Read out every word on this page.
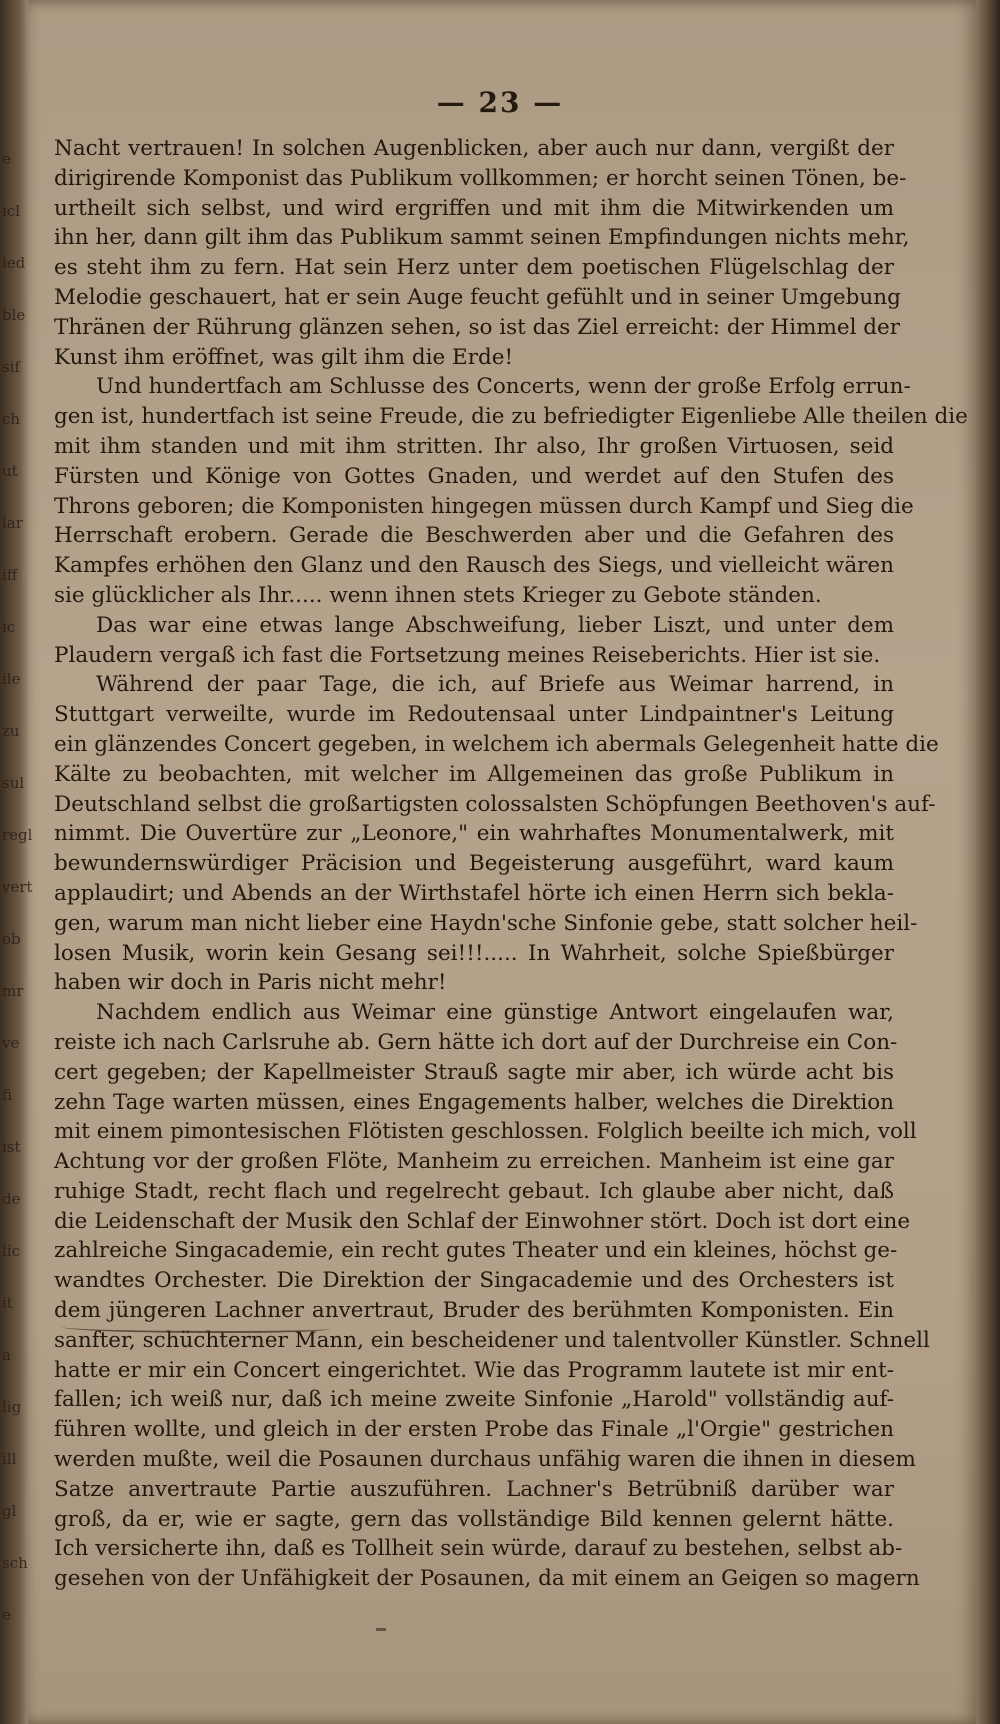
e
icl
ied
ble
sif
ch
ut
lar
iff
ic
ile
zu
sul
regl
vert
ob
mr
ve
fi
ist
de
lic
it
a
lig
ill
gl
sch
e
— 23 —
Nacht vertrauen! In solchen Augenblicken, aber auch nur dann, vergißt der
dirigirende Komponist das Publikum vollkommen; er horcht seinen Tönen, be-
urtheilt sich selbst, und wird ergriffen und mit ihm die Mitwirkenden um
ihn her, dann gilt ihm das Publikum sammt seinen Empfindungen nichts mehr,
es steht ihm zu fern. Hat sein Herz unter dem poetischen Flügelschlag der
Melodie geschauert, hat er sein Auge feucht gefühlt und in seiner Umgebung
Thränen der Rührung glänzen sehen, so ist das Ziel erreicht: der Himmel der
Kunst ihm eröffnet, was gilt ihm die Erde!
Und hundertfach am Schlusse des Concerts, wenn der große Erfolg errun-
gen ist, hundertfach ist seine Freude, die zu befriedigter Eigenliebe Alle theilen die
mit ihm standen und mit ihm stritten. Ihr also, Ihr großen Virtuosen, seid
Fürsten und Könige von Gottes Gnaden, und werdet auf den Stufen des
Throns geboren; die Komponisten hingegen müssen durch Kampf und Sieg die
Herrschaft erobern. Gerade die Beschwerden aber und die Gefahren des
Kampfes erhöhen den Glanz und den Rausch des Siegs, und vielleicht wären
sie glücklicher als Ihr..... wenn ihnen stets Krieger zu Gebote ständen.
Das war eine etwas lange Abschweifung, lieber Liszt, und unter dem
Plaudern vergaß ich fast die Fortsetzung meines Reiseberichts. Hier ist sie.
Während der paar Tage, die ich, auf Briefe aus Weimar harrend, in
Stuttgart verweilte, wurde im Redoutensaal unter Lindpaintner's Leitung
ein glänzendes Concert gegeben, in welchem ich abermals Gelegenheit hatte die
Kälte zu beobachten, mit welcher im Allgemeinen das große Publikum in
Deutschland selbst die großartigsten colossalsten Schöpfungen Beethoven's auf-
nimmt. Die Ouvertüre zur „Leonore," ein wahrhaftes Monumentalwerk, mit
bewundernswürdiger Präcision und Begeisterung ausgeführt, ward kaum
applaudirt; und Abends an der Wirthstafel hörte ich einen Herrn sich bekla-
gen, warum man nicht lieber eine Haydn'sche Sinfonie gebe, statt solcher heil-
losen Musik, worin kein Gesang sei!!!..... In Wahrheit, solche Spießbürger
haben wir doch in Paris nicht mehr!
Nachdem endlich aus Weimar eine günstige Antwort eingelaufen war,
reiste ich nach Carlsruhe ab. Gern hätte ich dort auf der Durchreise ein Con-
cert gegeben; der Kapellmeister Strauß sagte mir aber, ich würde acht bis
zehn Tage warten müssen, eines Engagements halber, welches die Direktion
mit einem pimontesischen Flötisten geschlossen. Folglich beeilte ich mich, voll
Achtung vor der großen Flöte, Manheim zu erreichen. Manheim ist eine gar
ruhige Stadt, recht flach und regelrecht gebaut. Ich glaube aber nicht, daß
die Leidenschaft der Musik den Schlaf der Einwohner stört. Doch ist dort eine
zahlreiche Singacademie, ein recht gutes Theater und ein kleines, höchst ge-
wandtes Orchester. Die Direktion der Singacademie und des Orchesters ist
dem jüngeren Lachner anvertraut, Bruder des berühmten Komponisten. Ein
sanfter, schüchterner Mann, ein bescheidener und talentvoller Künstler. Schnell
hatte er mir ein Concert eingerichtet. Wie das Programm lautete ist mir ent-
fallen; ich weiß nur, daß ich meine zweite Sinfonie „Harold" vollständig auf-
führen wollte, und gleich in der ersten Probe das Finale „l'Orgie" gestrichen
werden mußte, weil die Posaunen durchaus unfähig waren die ihnen in diesem
Satze anvertraute Partie auszuführen. Lachner's Betrübniß darüber war
groß, da er, wie er sagte, gern das vollständige Bild kennen gelernt hätte.
Ich versicherte ihn, daß es Tollheit sein würde, darauf zu bestehen, selbst ab-
gesehen von der Unfähigkeit der Posaunen, da mit einem an Geigen so magern
